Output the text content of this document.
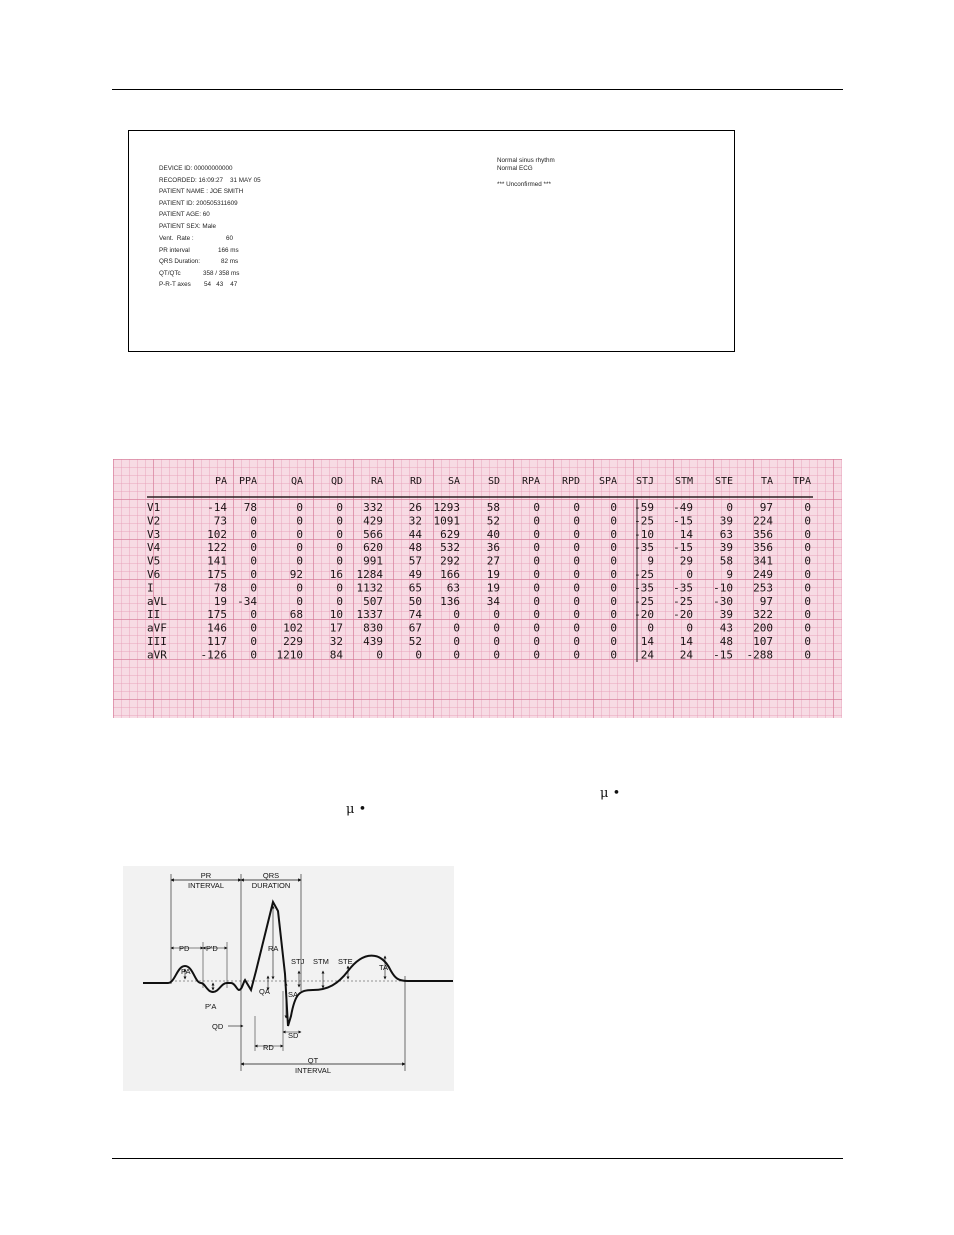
DEVICE ID: 00000000000
RECORDED: 16:09:27    31 MAY 05
PATIENT NAME : JOE SMITH
PATIENT ID: 200505311609
PATIENT AGE: 60
PATIENT SEX: Male
Vent.  Rate :	60
PR interval	166 ms
QRS Duration:	82 ms
QT/QTc	358 / 358 ms
P-R-T axes 54   43    47
Normal sinus rhythm
Normal ECG
*** Unconfirmed ***
PA PPA	QA	QD	RA	RD	SA	SD RPA RPD SPA STJ STM STE	TA TPA
V1	-14 78	0	0 332 26 1293 58	0	0	0 -59 -49	0 97	0
V2	73 0	0	0 429 32 1091 52	0	0	0 -25 -15 39 224	0
V3	102 0	0	0 566 44 629 40	0	0	0 -10 14 63 356	0
V4	122 0	0	0 620 48 532 36	0	0	0 -35 -15 39 356	0
V5	141 0	0	0 991 57 292 27	0	0	0	9 29 58 341	0
V6	175 0	92 16 1284 49 166 19	0	0	0 -25	0	9 249	0
I	78 0	0	0 1132 65 63 19	0	0	0 -35 -35 -10 253	0
aVL	19 -34	0	0 507 50 136 34	0	0	0 -25 -25 -30 97	0
II	175 0	68 10 1337 74	0	0	0	0	0 -20 -20 39 322	0
aVF	146 0 102 17 830 67	0	0	0	0	0	0	0 43 200	0
III	117 0 229 32 439 52	0	0	0	0	0 14 14 48 107	0
aVR	-126 0 1210 84	0	0	0	0	0	0	0 24 24 -15 -288	0
μ •
μ •
PR
INTERVAL
QRS
DURATION
QT
INTERVAL
PD P'D
PA
P'A
QD
QA
RA
RD
SA
SD
STJ STM STE
TA
